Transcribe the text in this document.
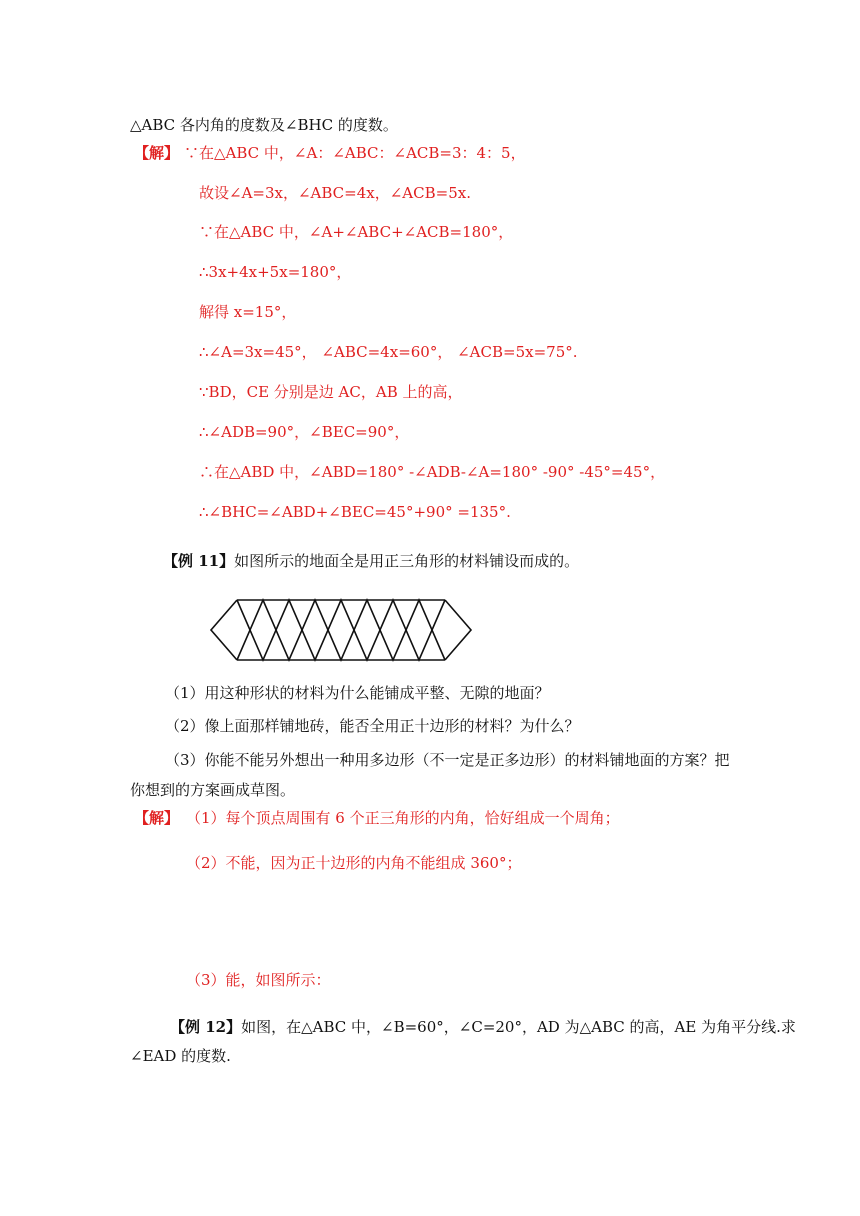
△ABC 各内角的度数及∠BHC 的度数。
【解】 ∵在△ABC 中，∠A：∠ABC：∠ACB=3：4：5，
故设∠A=3x，∠ABC=4x，∠ACB=5x.
∵在△ABC 中，∠A+∠ABC+∠ACB=180°，
∴3x+4x+5x=180°，
解得 x=15°，
∴∠A=3x=45°， ∠ABC=4x=60°， ∠ACB=5x=75°.
∵BD，CE 分别是边 AC，AB 上的高，
∴∠ADB=90°，∠BEC=90°，
∴在△ABD 中，∠ABD=180° -∠ADB-∠A=180° -90° -45°=45°，
∴∠BHC=∠ABD+∠BEC=45°+90° =135°.
【例 11】如图所示的地面全是用正三角形的材料铺设而成的。
（1）用这种形状的材料为什么能铺成平整、无隙的地面？
（2）像上面那样铺地砖，能否全用正十边形的材料？为什么？
（3）你能不能另外想出一种用多边形（不一定是正多边形）的材料铺地面的方案？把
你想到的方案画成草图。
【解】 （1）每个顶点周围有 6 个正三角形的内角，恰好组成一个周角；
（2）不能，因为正十边形的内角不能组成 360°；
（3）能，如图所示：
【例 12】如图，在△ABC 中，∠B=60°，∠C=20°，AD 为△ABC 的高，AE 为角平分线.求
∠EAD 的度数.
